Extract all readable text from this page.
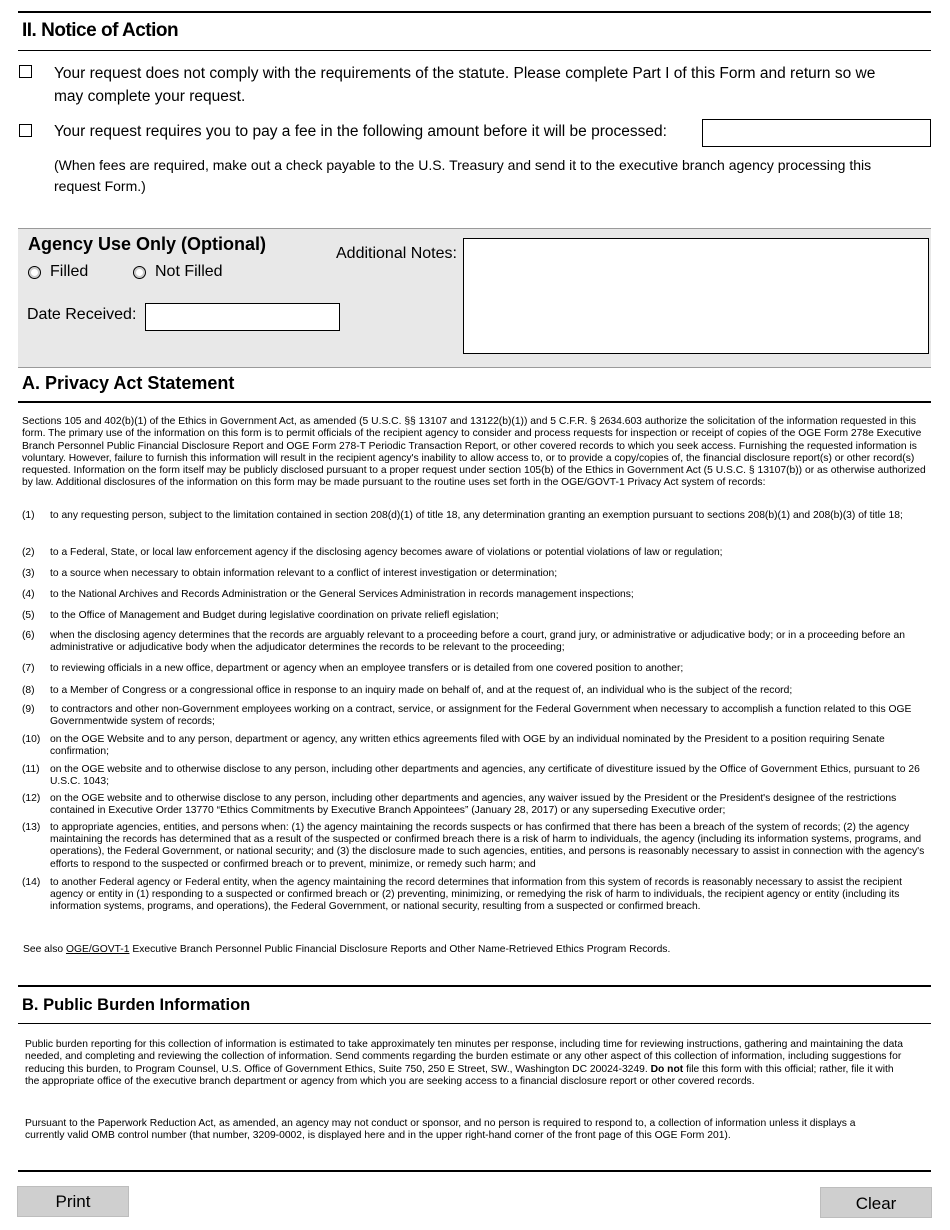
II. Notice of Action
Your request does not comply with the requirements of the statute. Please complete Part I of this Form and return so we may complete your request.
Your request requires you to pay a fee in the following amount before it will be processed:
(When fees are required, make out a check payable to the U.S. Treasury and send it to the executive branch agency processing this request Form.)
Agency Use Only (Optional)
Filled	Not Filled
Date Received:
Additional Notes:
A. Privacy Act Statement
Sections 105 and 402(b)(1) of the Ethics in Government Act, as amended (5 U.S.C. §§ 13107 and 13122(b)(1)) and 5 C.F.R. § 2634.603 authorize the solicitation of the information requested in this form. The primary use of the information on this form is to permit officials of the recipient agency to consider and process requests for inspection or receipt of copies of the OGE Form 278e Executive Branch Personnel Public Financial Disclosure Report and OGE Form 278-T Periodic Transaction Report, or other covered records to which you seek access. Furnishing the requested information is voluntary. However, failure to furnish this information will result in the recipient agency's inability to allow access to, or to provide a copy/copies of, the financial disclosure report(s) or other record(s) requested. Information on the form itself may be publicly disclosed pursuant to a proper request under section 105(b) of the Ethics in Government Act (5 U.S.C. § 13107(b)) or as otherwise authorized by law. Additional disclosures of the information on this form may be made pursuant to the routine uses set forth in the OGE/GOVT-1 Privacy Act system of records:
(1)	to any requesting person, subject to the limitation contained in section 208(d)(1) of title 18, any determination granting an exemption pursuant to sections 208(b)(1) and 208(b)(3) of title 18;
(2)	to a Federal, State, or local law enforcement agency if the disclosing agency becomes aware of violations or potential violations of law or regulation;
(3)	to a source when necessary to obtain information relevant to a conflict of interest investigation or determination;
(4)	to the National Archives and Records Administration or the General Services Administration in records management inspections;
(5)	to the Office of Management and Budget during legislative coordination on private reliefl egislation;
(6)	when the disclosing agency determines that the records are arguably relevant to a proceeding before a court, grand jury, or administrative or adjudicative body; or in a proceeding before an administrative or adjudicative body when the adjudicator determines the records to be relevant to the proceeding;
(7)	to reviewing officials in a new office, department or agency when an employee transfers or is detailed from one covered position to another;
(8)	to a Member of Congress or a congressional office in response to an inquiry made on behalf of, and at the request of, an individual who is the subject of the record;
(9)	to contractors and other non-Government employees working on a contract, service, or assignment for the Federal Government when necessary to accomplish a function related to this OGE Governmentwide system of records;
(10) on the OGE Website and to any person, department or agency, any written ethics agreements filed with OGE by an individual nominated by the President to a position requiring Senate confirmation;
(11)	on the OGE website and to otherwise disclose to any person, including other departments and agencies, any certificate of divestiture issued by the Office of Government Ethics, pursuant to 26 U.S.C. 1043;
(12) on the OGE website and to otherwise disclose to any person, including other departments and agencies, any waiver issued by the President or the President's designee of the restrictions contained in Executive Order 13770 “Ethics Commitments by Executive Branch Appointees” (January 28, 2017) or any superseding Executive order;
(13) to appropriate agencies, entities, and persons when: (1) the agency maintaining the records suspects or has confirmed that there has been a breach of the system of records; (2) the agency maintaining the records has determined that as a result of the suspected or confirmed breach there is a risk of harm to individuals, the agency (including its information systems, programs, and operations), the Federal Government, or national security; and (3) the disclosure made to such agencies, entities, and persons is reasonably necessary to assist in connection with the agency's efforts to respond to the suspected or confirmed breach or to prevent, minimize, or remedy such harm; and
(14) to another Federal agency or Federal entity, when the agency maintaining the record determines that information from this system of records is reasonably necessary to assist the recipient agency or entity in (1) responding to a suspected or confirmed breach or (2) preventing, minimizing, or remedying the risk of harm to individuals, the recipient agency or entity (including its information systems, programs, and operations), the Federal Government, or national security, resulting from a suspected or confirmed breach.
See also OGE/GOVT-1 Executive Branch Personnel Public Financial Disclosure Reports and Other Name-Retrieved Ethics Program Records.
B. Public Burden Information
Public burden reporting for this collection of information is estimated to take approximately ten minutes per response, including time for reviewing instructions, gathering and maintaining the data needed, and completing and reviewing the collection of information. Send comments regarding the burden estimate or any other aspect of this collection of information, including suggestions for reducing this burden, to Program Counsel, U.S. Office of Government Ethics, Suite 750, 250 E Street, SW., Washington DC 20024-3249. Do not file this form with this official; rather, file it with the appropriate office of the executive branch department or agency from which you are seeking access to a financial disclosure report or other covered records.
Pursuant to the Paperwork Reduction Act, as amended, an agency may not conduct or sponsor, and no person is required to respond to, a collection of information unless it displays a currently valid OMB control number (that number, 3209-0002, is displayed here and in the upper right-hand corner of the front page of this OGE Form 201).
Print	Clear
